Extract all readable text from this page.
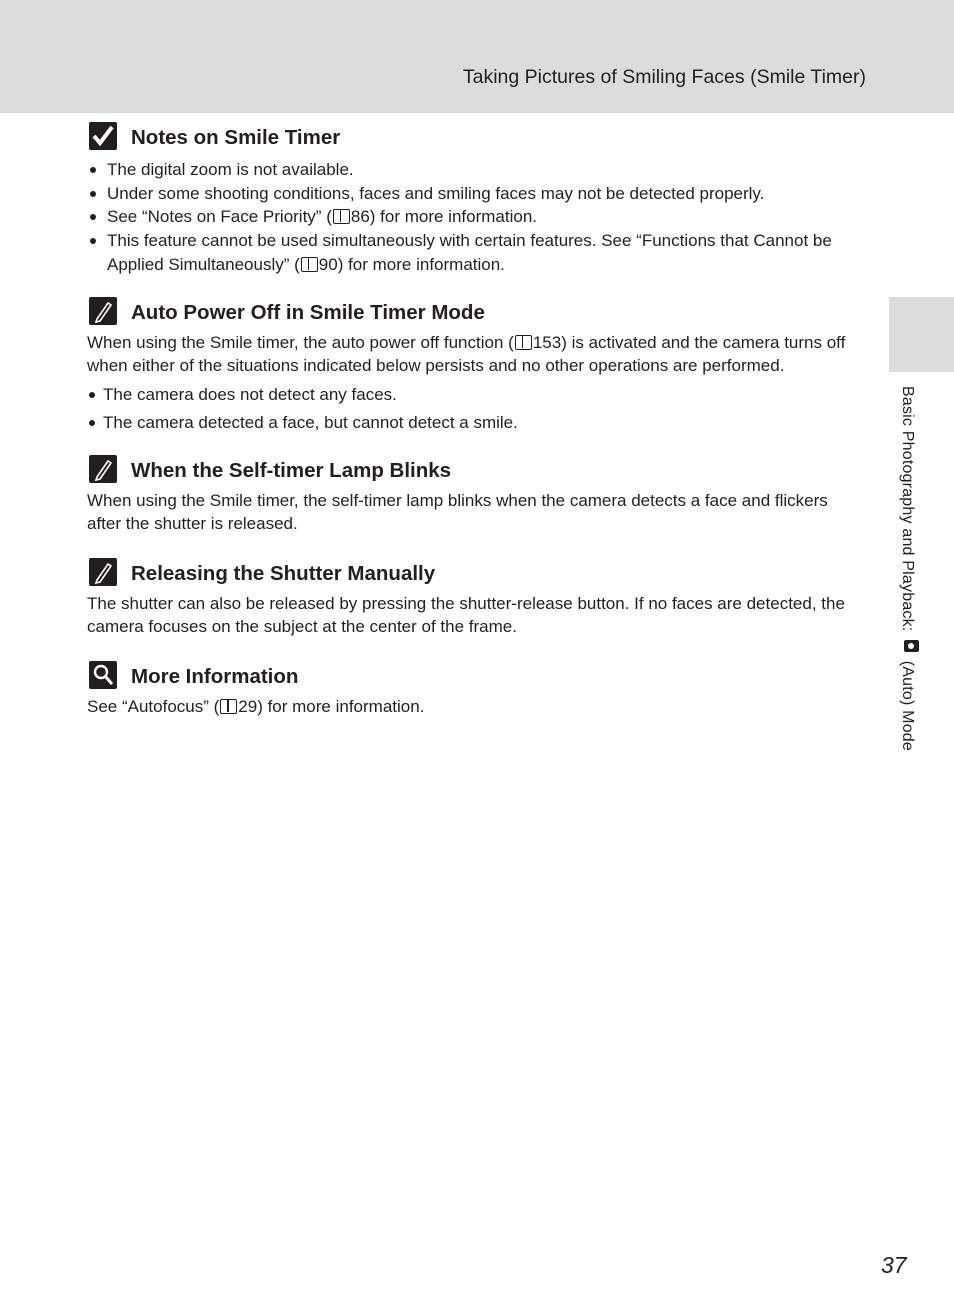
Taking Pictures of Smiling Faces (Smile Timer)
Basic Photography and Playback:  (Auto) Mode
Notes on Smile Timer
The digital zoom is not available.
Under some shooting conditions, faces and smiling faces may not be detected properly.
See “Notes on Face Priority” ( 86) for more information.
This feature cannot be used simultaneously with certain features. See “Functions that Cannot be Applied Simultaneously” ( 90) for more information.
Auto Power Off in Smile Timer Mode

When using the Smile timer, the auto power off function ( 153) is activated and the camera turns off when either of the situations indicated below persists and no other operations are performed.

The camera does not detect any faces.
The camera detected a face, but cannot detect a smile.
When the Self-timer Lamp Blinks

When using the Smile timer, the self-timer lamp blinks when the camera detects a face and flickers after the shutter is released.

Releasing the Shutter Manually

The shutter can also be released by pressing the shutter-release button. If no faces are detected, the camera focuses on the subject at the center of the frame.

More Information

See “Autofocus” ( 29) for more information.

37
